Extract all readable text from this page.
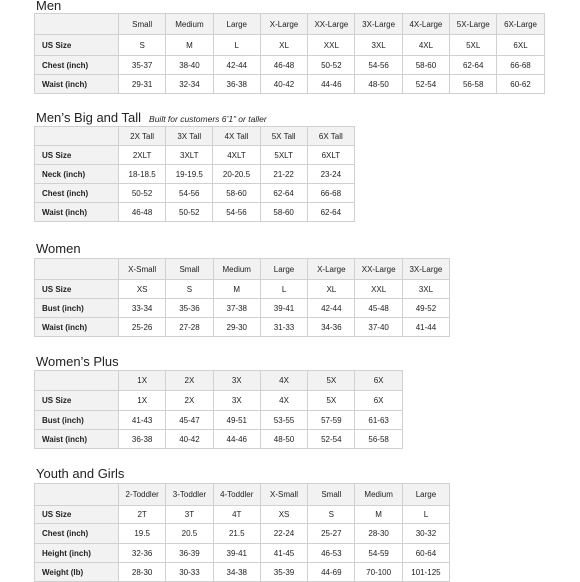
Men
	Small	Medium	Large	X-Large	XX-Large	3X-Large	4X-Large	5X-Large	6X-Large
US Size	S	M	L	XL	XXL	3XL	4XL	5XL	6XL
Chest (inch)	35-37	38-40	42-44	46-48	50-52	54-56	58-60	62-64	66-68
Waist (inch)	29-31	32-34	36-38	40-42	44-46	48-50	52-54	56-58	60-62
Men’s Big and Tall Built for customers 6’1” or taller
	2X Tall	3X Tall	4X Tall	5X Tall	6X Tall
US Size	2XLT	3XLT	4XLT	5XLT	6XLT
Neck (inch)	18-18.5	19-19.5	20-20.5	21-22	23-24
Chest (inch)	50-52	54-56	58-60	62-64	66-68
Waist (inch)	46-48	50-52	54-56	58-60	62-64
Women
	X-Small	Small	Medium	Large	X-Large	XX-Large	3X-Large
US Size	XS	S	M	L	XL	XXL	3XL
Bust (inch)	33-34	35-36	37-38	39-41	42-44	45-48	49-52
Waist (inch)	25-26	27-28	29-30	31-33	34-36	37-40	41-44
Women’s Plus
	1X	2X	3X	4X	5X	6X
US Size	1X	2X	3X	4X	5X	6X
Bust (inch)	41-43	45-47	49-51	53-55	57-59	61-63
Waist (inch)	36-38	40-42	44-46	48-50	52-54	56-58
Youth and Girls
	2-Toddler	3-Toddler	4-Toddler	X-Small	Small	Medium	Large
US Size	2T	3T	4T	XS	S	M	L
Chest (inch)	19.5	20.5	21.5	22-24	25-27	28-30	30-32
Height (inch)	32-36	36-39	39-41	41-45	46-53	54-59	60-64
Weight (lb)	28-30	30-33	34-38	35-39	44-69	70-100	101-125
